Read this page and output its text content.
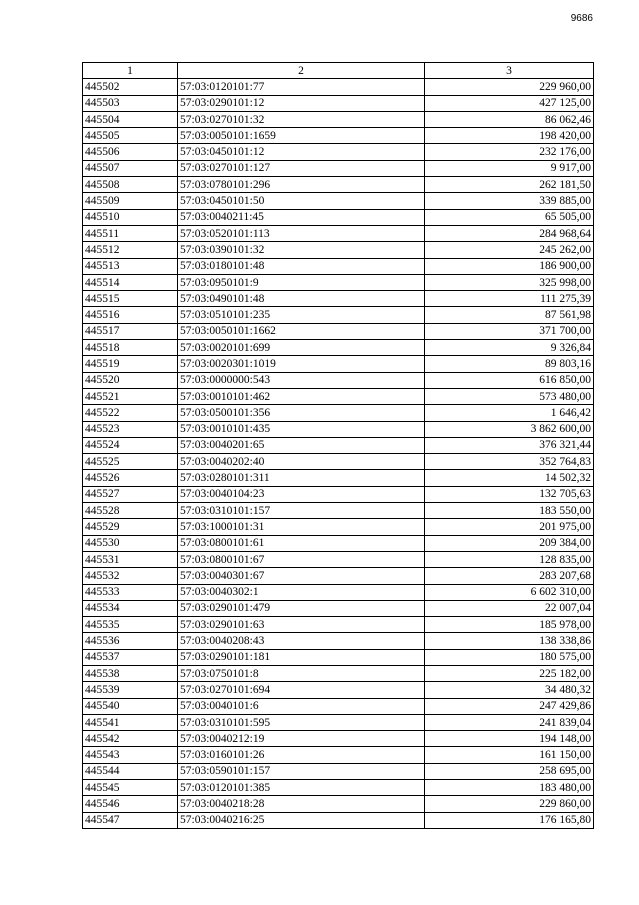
9686
1	2	3
445502	57:03:0120101:77	229 960,00
445503	57:03:0290101:12	427 125,00
445504	57:03:0270101:32	86 062,46
445505	57:03:0050101:1659	198 420,00
445506	57:03:0450101:12	232 176,00
445507	57:03:0270101:127	9 917,00
445508	57:03:0780101:296	262 181,50
445509	57:03:0450101:50	339 885,00
445510	57:03:0040211:45	65 505,00
445511	57:03:0520101:113	284 968,64
445512	57:03:0390101:32	245 262,00
445513	57:03:0180101:48	186 900,00
445514	57:03:0950101:9	325 998,00
445515	57:03:0490101:48	111 275,39
445516	57:03:0510101:235	87 561,98
445517	57:03:0050101:1662	371 700,00
445518	57:03:0020101:699	9 326,84
445519	57:03:0020301:1019	89 803,16
445520	57:03:0000000:543	616 850,00
445521	57:03:0010101:462	573 480,00
445522	57:03:0500101:356	1 646,42
445523	57:03:0010101:435	3 862 600,00
445524	57:03:0040201:65	376 321,44
445525	57:03:0040202:40	352 764,83
445526	57:03:0280101:311	14 502,32
445527	57:03:0040104:23	132 705,63
445528	57:03:0310101:157	183 550,00
445529	57:03:1000101:31	201 975,00
445530	57:03:0800101:61	209 384,00
445531	57:03:0800101:67	128 835,00
445532	57:03:0040301:67	283 207,68
445533	57:03:0040302:1	6 602 310,00
445534	57:03:0290101:479	22 007,04
445535	57:03:0290101:63	185 978,00
445536	57:03:0040208:43	138 338,86
445537	57:03:0290101:181	180 575,00
445538	57:03:0750101:8	225 182,00
445539	57:03:0270101:694	34 480,32
445540	57:03:0040101:6	247 429,86
445541	57:03:0310101:595	241 839,04
445542	57:03:0040212:19	194 148,00
445543	57:03:0160101:26	161 150,00
445544	57:03:0590101:157	258 695,00
445545	57:03:0120101:385	183 480,00
445546	57:03:0040218:28	229 860,00
445547	57:03:0040216:25	176 165,80
